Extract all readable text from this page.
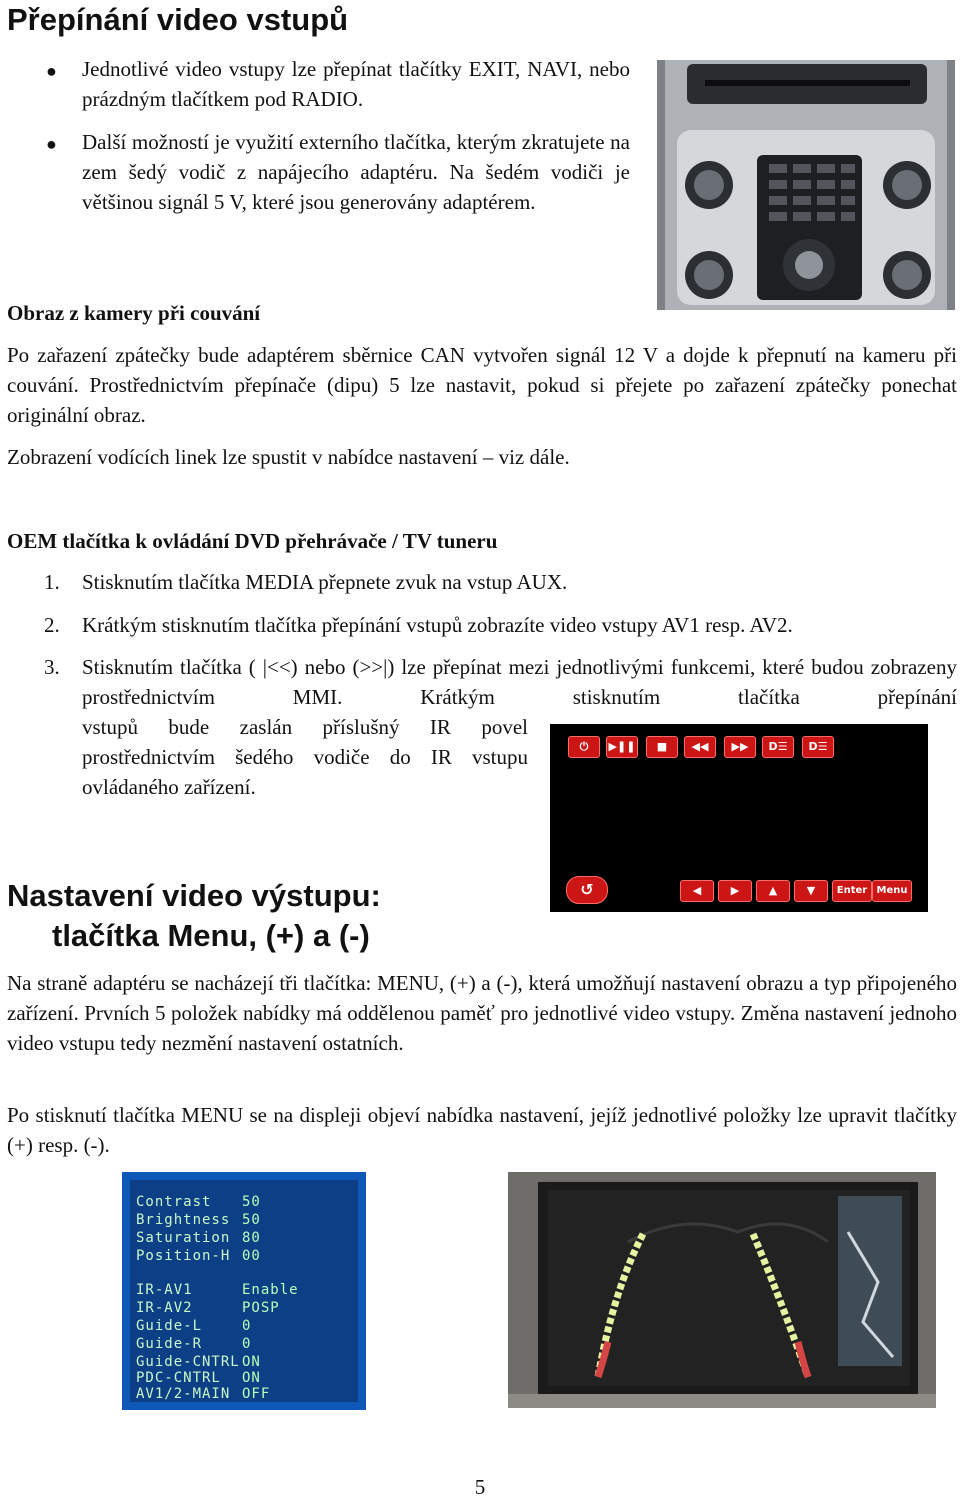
Přepínání video vstupů
● Jednotlivé video vstupy lze přepínat tlačítky EXIT, NAVI, nebo prázdným tlačítkem pod RADIO.
● Další možností je využití externího tlačítka, kterým zkratujete na zem šedý vodič z napájecího adaptéru. Na šedém vodiči je většinou signál 5 V, které jsou generovány adaptérem.
Obraz z kamery při couvání
Po zařazení zpátečky bude adaptérem sběrnice CAN vytvořen signál 12 V a dojde k přepnutí na kameru při couvání. Prostřednictvím přepínače (dipu) 5 lze nastavit, pokud si přejete po zařazení zpátečky ponechat originální obraz.
Zobrazení vodících linek lze spustit v nabídce nastavení – viz dále.
OEM tlačítka k ovládání DVD přehrávače / TV tuneru
1. Stisknutím tlačítka MEDIA přepnete zvuk na vstup AUX.
2. Krátkým stisknutím tlačítka přepínání vstupů zobrazíte video vstupy AV1 resp. AV2.
3. Stisknutím tlačítka ( |<<) nebo (>>|) lze přepínat mezi jednotlivými funkcemi, které budou zobrazeny prostřednictvím MMI. Krátkým stisknutím tlačítka přepínání
vstupů bude zaslán příslušný IR povel prostřednictvím šedého vodiče do IR vstupu ovládaného zařízení.
⏻	▶❚❚	■	◀◀	▶▶	D☰	D☰
↺	◀	▶	▲	▼	Enter Menu
Nastavení video výstupu:
tlačítka Menu, (+) a (-)
Na straně adaptéru se nacházejí tři tlačítka: MENU, (+) a (-), která umožňují nastavení obrazu a typ připojeného zařízení. Prvních 5 položek nabídky má oddělenou paměť pro jednotlivé video vstupy. Změna nastavení jednoho video vstupu tedy nezmění nastavení ostatních.
Po stisknutí tlačítka MENU se na displeji objeví nabídka nastavení, jejíž jednotlivé položky lze upravit tlačítky (+) resp. (-).
Contrast 50
Brightness 50
Saturation 80
Position-H 00
IR-AV1	Enable
IR-AV2	POSP
Guide-L	0
Guide-R	0
Guide-CNTRL ON
PDC-CNTRL ON
AV1/2-MAIN OFF
5
